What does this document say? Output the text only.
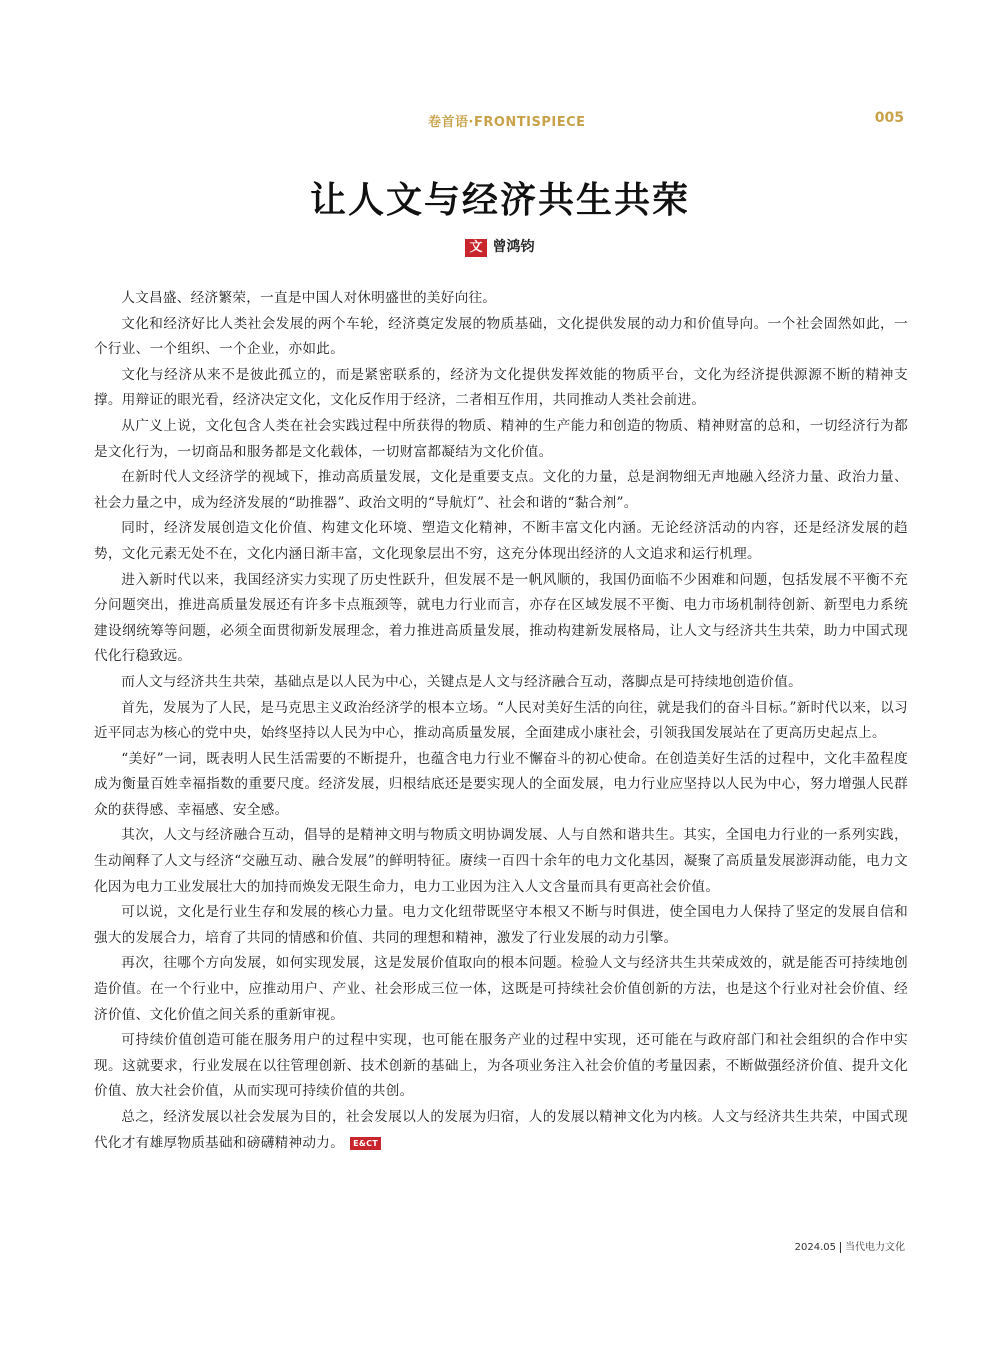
卷首语·FRONTISPIECE	005
让人文与经济共生共荣
文 曾鸿钧

人文昌盛、经济繁荣，一直是中国人对休明盛世的美好向往。

文化和经济好比人类社会发展的两个车轮，经济奠定发展的物质基础，文化提供发展的动力和价值导向。一个社会固然如此，一个行业、一个组织、一个企业，亦如此。

文化与经济从来不是彼此孤立的，而是紧密联系的，经济为文化提供发挥效能的物质平台，文化为经济提供源源不断的精神支撑。用辩证的眼光看，经济决定文化，文化反作用于经济，二者相互作用，共同推动人类社会前进。

从广义上说，文化包含人类在社会实践过程中所获得的物质、精神的生产能力和创造的物质、精神财富的总和，一切经济行为都是文化行为，一切商品和服务都是文化载体，一切财富都凝结为文化价值。

在新时代人文经济学的视域下，推动高质量发展，文化是重要支点。文化的力量，总是润物细无声地融入经济力量、政治力量、社会力量之中，成为经济发展的“助推器”、政治文明的“导航灯”、社会和谐的“黏合剂”。

同时，经济发展创造文化价值、构建文化环境、塑造文化精神，不断丰富文化内涵。无论经济活动的内容，还是经济发展的趋势，文化元素无处不在，文化内涵日渐丰富，文化现象层出不穷，这充分体现出经济的人文追求和运行机理。

进入新时代以来，我国经济实力实现了历史性跃升，但发展不是一帆风顺的，我国仍面临不少困难和问题，包括发展不平衡不充分问题突出，推进高质量发展还有许多卡点瓶颈等，就电力行业而言，亦存在区域发展不平衡、电力市场机制待创新、新型电力系统建设纲统筹等问题，必须全面贯彻新发展理念，着力推进高质量发展，推动构建新发展格局，让人文与经济共生共荣，助力中国式现代化行稳致远。

而人文与经济共生共荣，基础点是以人民为中心，关键点是人文与经济融合互动，落脚点是可持续地创造价值。

首先，发展为了人民，是马克思主义政治经济学的根本立场。“人民对美好生活的向往，就是我们的奋斗目标。”新时代以来，以习近平同志为核心的党中央，始终坚持以人民为中心，推动高质量发展，全面建成小康社会，引领我国发展站在了更高历史起点上。

“美好”一词，既表明人民生活需要的不断提升，也蕴含电力行业不懈奋斗的初心使命。在创造美好生活的过程中，文化丰盈程度成为衡量百姓幸福指数的重要尺度。经济发展，归根结底还是要实现人的全面发展，电力行业应坚持以人民为中心，努力增强人民群众的获得感、幸福感、安全感。

其次，人文与经济融合互动，倡导的是精神文明与物质文明协调发展、人与自然和谐共生。其实，全国电力行业的一系列实践，生动阐释了人文与经济“交融互动、融合发展”的鲜明特征。赓续一百四十余年的电力文化基因，凝聚了高质量发展澎湃动能，电力文化因为电力工业发展壮大的加持而焕发无限生命力，电力工业因为注入人文含量而具有更高社会价值。

可以说，文化是行业生存和发展的核心力量。电力文化纽带既坚守本根又不断与时俱进，使全国电力人保持了坚定的发展自信和强大的发展合力，培育了共同的情感和价值、共同的理想和精神，激发了行业发展的动力引擎。

再次，往哪个方向发展，如何实现发展，这是发展价值取向的根本问题。检验人文与经济共生共荣成效的，就是能否可持续地创造价值。在一个行业中，应推动用户、产业、社会形成三位一体，这既是可持续社会价值创新的方法，也是这个行业对社会价值、经济价值、文化价值之间关系的重新审视。

可持续价值创造可能在服务用户的过程中实现，也可能在服务产业的过程中实现，还可能在与政府部门和社会组织的合作中实现。这就要求，行业发展在以往管理创新、技术创新的基础上，为各项业务注入社会价值的考量因素，不断做强经济价值、提升文化价值、放大社会价值，从而实现可持续价值的共创。

总之，经济发展以社会发展为目的，社会发展以人的发展为归宿，人的发展以精神文化为内核。人文与经济共生共荣，中国式现代化才有雄厚物质基础和磅礴精神动力。 E&CT

2024.05 当代电力文化
